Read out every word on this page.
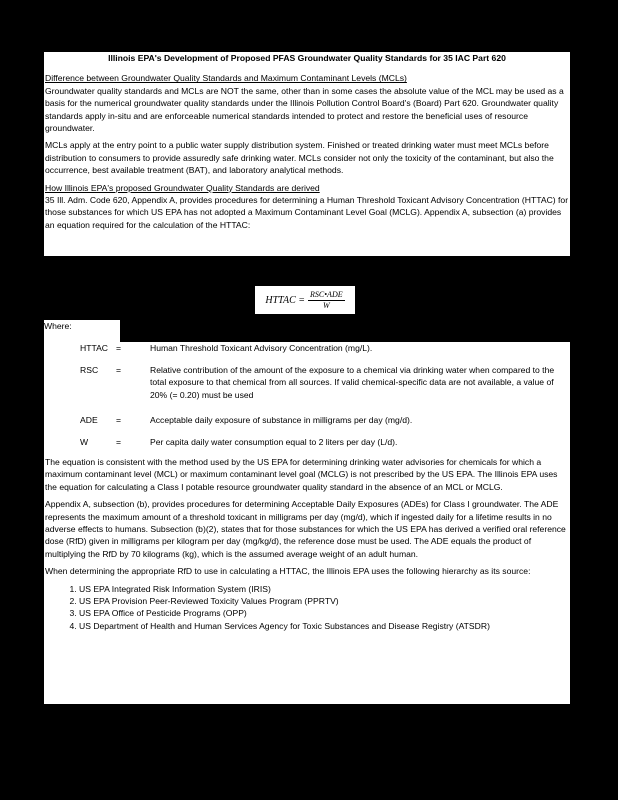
Illinois EPA's Development of Proposed PFAS Groundwater Quality Standards for 35 IAC Part 620

Difference between Groundwater Quality Standards and Maximum Contaminant Levels (MCLs)

Groundwater quality standards and MCLs are NOT the same, other than in some cases the absolute value of the MCL may be used as a basis for the numerical groundwater quality standards under the Illinois Pollution Control Board's (Board) Part 620. Groundwater quality standards apply in-situ and are enforceable numerical standards intended to protect and restore the beneficial uses of resource groundwater.

MCLs apply at the entry point to a public water supply distribution system. Finished or treated drinking water must meet MCLs before distribution to consumers to provide assuredly safe drinking water. MCLs consider not only the toxicity of the contaminant, but also the occurrence, best available treatment (BAT), and laboratory analytical methods.

How Illinois EPA's proposed Groundwater Quality Standards are derived

35 Ill. Adm. Code 620, Appendix A, provides procedures for determining a Human Threshold Toxicant Advisory Concentration (HTTAC) for those substances for which US EPA has not adopted a Maximum Contaminant Level Goal (MCLG). Appendix A, subsection (a) provides an equation required for the calculation of the HTTAC:

HTTAC = $\frac{\text{RSC•ADE}}{W}$
Where:
HTTAC =	Human Threshold Toxicant Advisory Concentration (mg/L).
RSC =	Relative contribution of the amount of the exposure to a chemical via drinking water when compared to the total exposure to that chemical from all sources. If valid chemical-specific data are not available, a value of 20% (= 0.20) must be used
ADE =	Acceptable daily exposure of substance in milligrams per day (mg/d).
W	=	Per capita daily water consumption equal to 2 liters per day (L/d).

The equation is consistent with the method used by the US EPA for determining drinking water advisories for chemicals for which a maximum contaminant level (MCL) or maximum contaminant level goal (MCLG) is not prescribed by the US EPA. The Illinois EPA uses the equation for calculating a Class I potable resource groundwater quality standard in the absence of an MCL or MCLG.

Appendix A, subsection (b), provides procedures for determining Acceptable Daily Exposures (ADEs) for Class I groundwater. The ADE represents the maximum amount of a threshold toxicant in milligrams per day (mg/d), which if ingested daily for a lifetime results in no adverse effects to humans. Subsection (b)(2), states that for those substances for which the US EPA has derived a verified oral reference dose (RfD) given in milligrams per kilogram per day (mg/kg/d), the reference dose must be used. The ADE equals the product of multiplying the RfD by 70 kilograms (kg), which is the assumed average weight of an adult human.

When determining the appropriate RfD to use in calculating a HTTAC, the Illinois EPA uses the following hierarchy as its source:

1. US EPA Integrated Risk Information System (IRIS)
2. US EPA Provision Peer-Reviewed Toxicity Values Program (PPRTV)
3. US EPA Office of Pesticide Programs (OPP)
4. US Department of Health and Human Services Agency for Toxic Substances and Disease Registry (ATSDR)
